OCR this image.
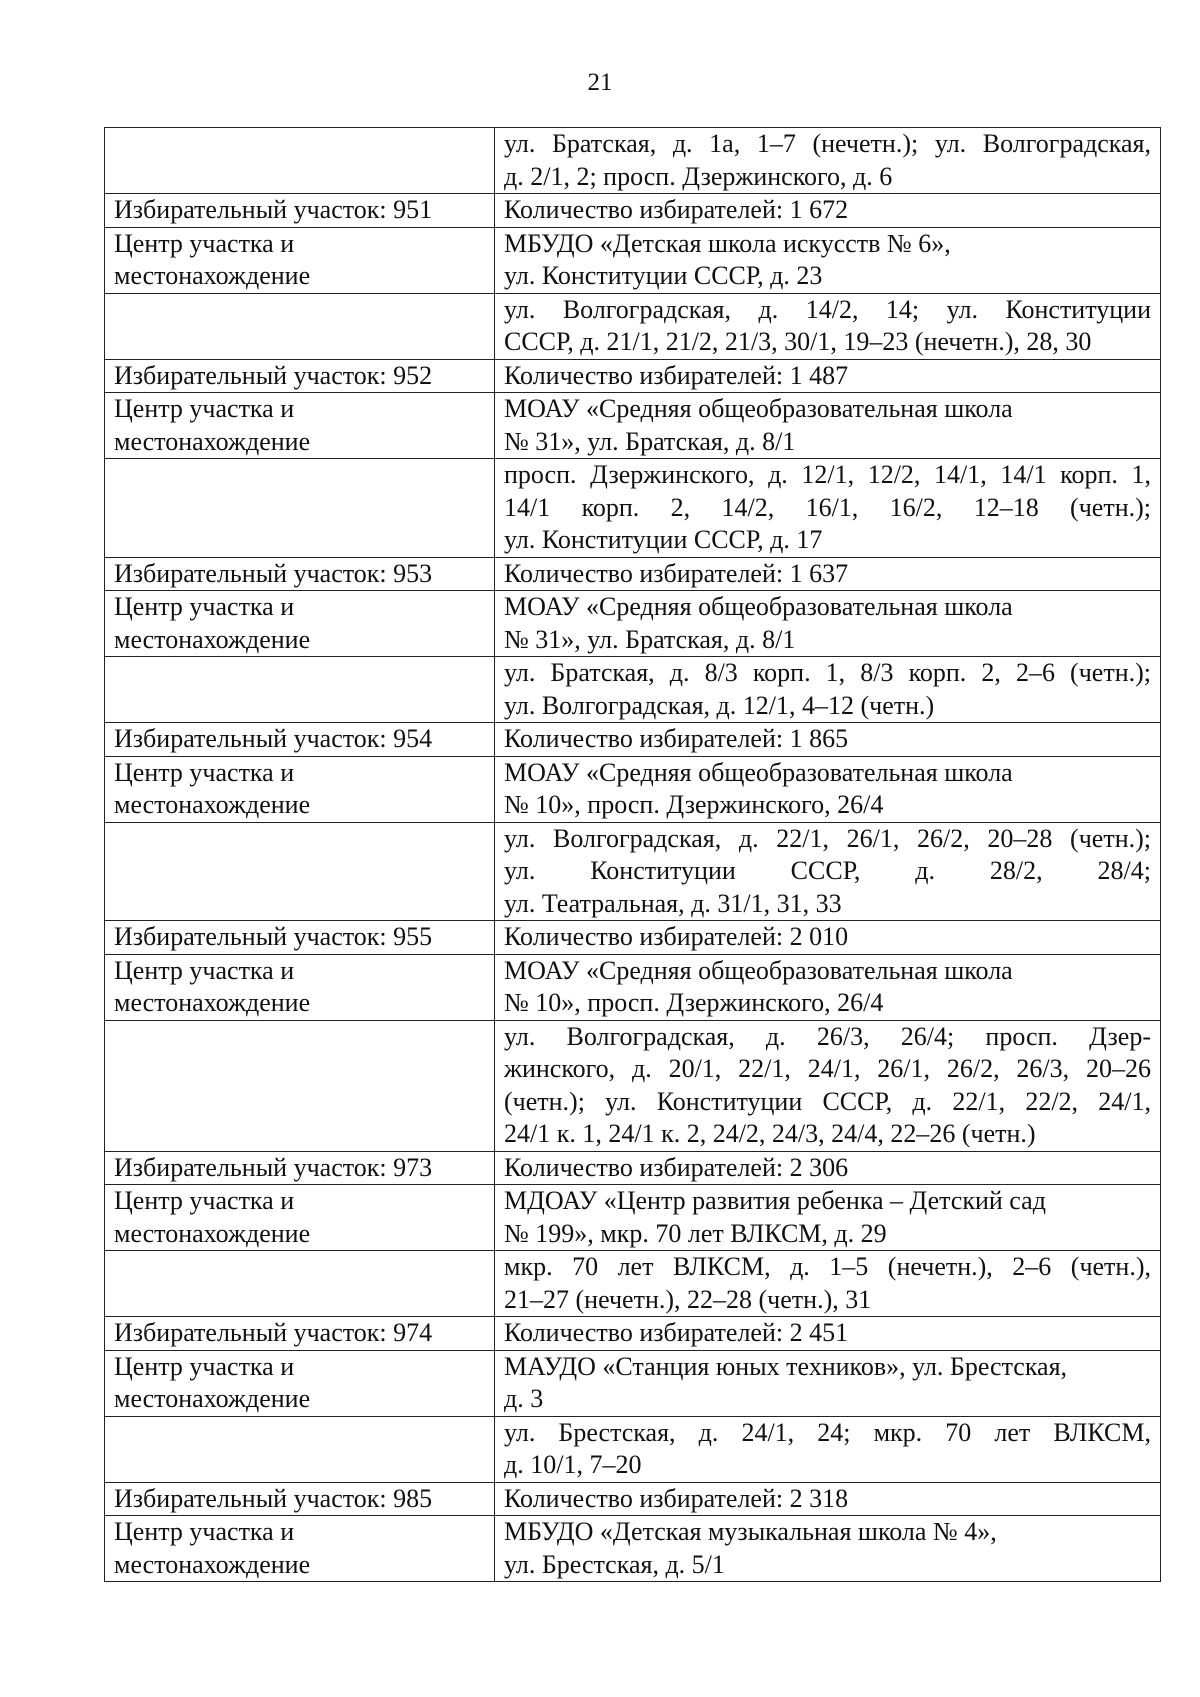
21

	ул. Братская, д. 1а, 1–7 (нечетн.); ул. Волгоградская,
д. 2/1, 2; просп. Дзержинского, д. 6

Избирательный участок: 951	Количество избирателей: 1 672

Центр участка и
местонахождение	МБУДО «Детская школа искусств № 6»,
ул. Конституции СССР, д. 23

	ул. Волгоградская, д. 14/2, 14; ул. Конституции
СССР, д. 21/1, 21/2, 21/3, 30/1, 19–23 (нечетн.), 28, 30

Избирательный участок: 952	Количество избирателей: 1 487

Центр участка и
местонахождение	МОАУ «Средняя общеобразовательная школа
№ 31», ул. Братская, д. 8/1

	просп. Дзержинского, д. 12/1, 12/2, 14/1, 14/1 корп. 1,
14/1 корп. 2, 14/2, 16/1, 16/2, 12–18 (четн.);
ул. Конституции СССР, д. 17

Избирательный участок: 953	Количество избирателей: 1 637

Центр участка и
местонахождение	МОАУ «Средняя общеобразовательная школа
№ 31», ул. Братская, д. 8/1

	ул. Братская, д. 8/3 корп. 1, 8/3 корп. 2, 2–6 (четн.);
ул. Волгоградская, д. 12/1, 4–12 (четн.)

Избирательный участок: 954	Количество избирателей: 1 865

Центр участка и
местонахождение	МОАУ «Средняя общеобразовательная школа
№ 10», просп. Дзержинского, 26/4

	ул. Волгоградская, д. 22/1, 26/1, 26/2, 20–28 (четн.);
ул. Конституции СССР, д. 28/2, 28/4;
ул. Театральная, д. 31/1, 31, 33

Избирательный участок: 955	Количество избирателей: 2 010

Центр участка и
местонахождение	МОАУ «Средняя общеобразовательная школа
№ 10», просп. Дзержинского, 26/4

	ул. Волгоградская, д. 26/3, 26/4; просп. Дзер-
жинского, д. 20/1, 22/1, 24/1, 26/1, 26/2, 26/3, 20–26
(четн.); ул. Конституции СССР, д. 22/1, 22/2, 24/1,
24/1 к. 1, 24/1 к. 2, 24/2, 24/3, 24/4, 22–26 (четн.)

Избирательный участок: 973	Количество избирателей: 2 306

Центр участка и
местонахождение	МДОАУ «Центр развития ребенка – Детский сад
№ 199», мкр. 70 лет ВЛКСМ, д. 29

	мкр. 70 лет ВЛКСМ, д. 1–5 (нечетн.), 2–6 (четн.),
21–27 (нечетн.), 22–28 (четн.), 31

Избирательный участок: 974	Количество избирателей: 2 451

Центр участка и
местонахождение	МАУДО «Станция юных техников», ул. Брестская,
д. 3

	ул. Брестская, д. 24/1, 24; мкр. 70 лет ВЛКСМ,
д. 10/1, 7–20

Избирательный участок: 985	Количество избирателей: 2 318

Центр участка и
местонахождение	МБУДО «Детская музыкальная школа № 4»,
ул. Брестская, д. 5/1
